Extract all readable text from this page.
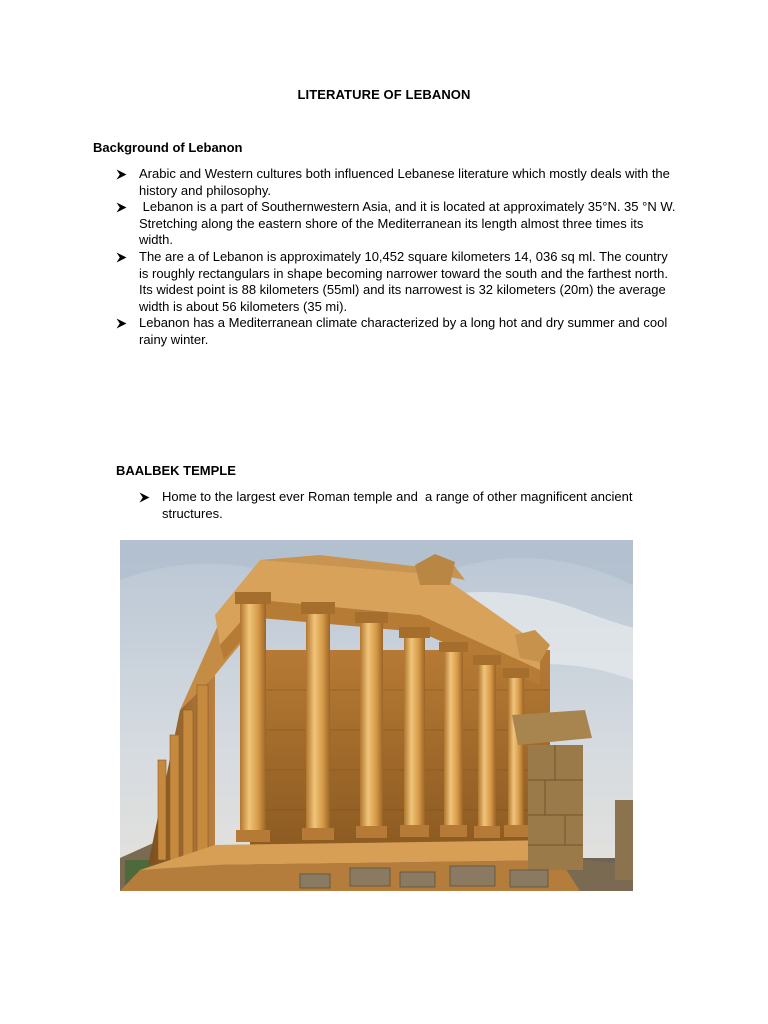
LITERATURE OF LEBANON
Background of Lebanon
Arabic and Western cultures both influenced Lebanese literature which mostly deals with the history and philosophy.
Lebanon is a part of Southernwestern Asia, and it is located at approximately 35°N. 35 °N W. Stretching along the eastern shore of the Mediterranean its length almost three times its width.
The are a of Lebanon is approximately 10,452 square kilometers 14, 036 sq ml. The country is roughly rectangulars in shape becoming narrower toward the south and the farthest north. Its widest point is 88 kilometers (55ml) and its narrowest is 32 kilometers (20m) the average width is about 56 kilometers (35 mi).
Lebanon has a Mediterranean climate characterized by a long hot and dry summer and cool rainy winter.
BAALBEK TEMPLE
Home to the largest ever Roman temple and  a range of other magnificent ancient structures.
